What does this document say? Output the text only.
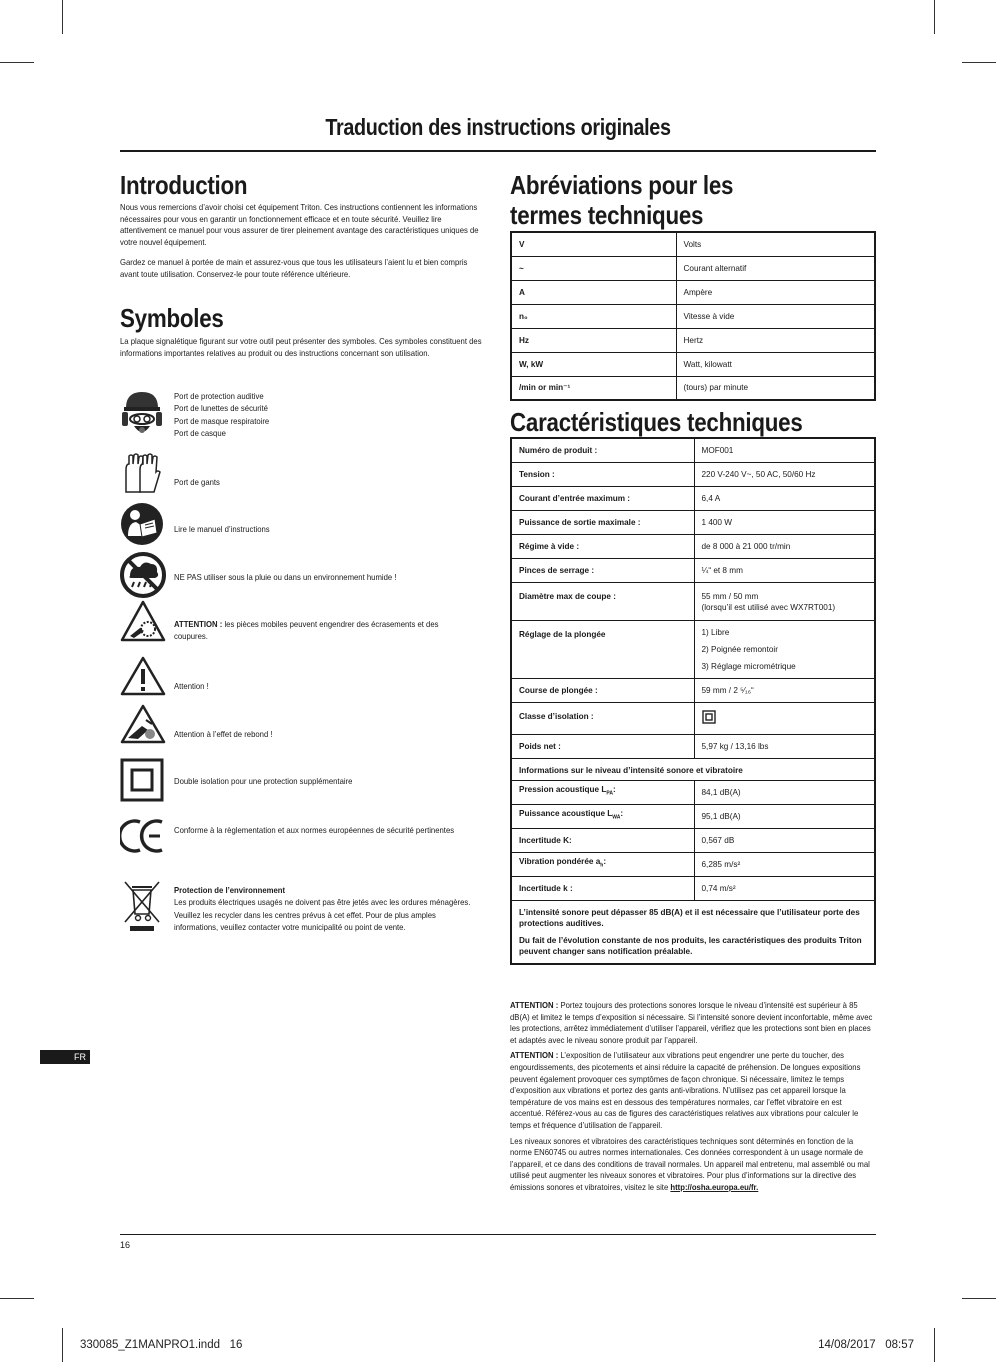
Traduction des instructions originales
Introduction

Nous vous remercions d’avoir choisi cet équipement Triton. Ces instructions contiennent les informations nécessaires pour vous en garantir un fonctionnement efficace et en toute sécurité. Veuillez lire attentivement ce manuel pour vous assurer de tirer pleinement avantage des caractéristiques uniques de votre nouvel équipement.

Gardez ce manuel à portée de main et assurez-vous que tous les utilisateurs l’aient lu et bien compris avant toute utilisation. Conservez-le pour toute référence ultérieure.

Symboles

La plaque signalétique figurant sur votre outil peut présenter des symboles. Ces symboles constituent des informations importantes relatives au produit ou des instructions concernant son utilisation.

Port de protection auditive
Port de lunettes de sécurité
Port de masque respiratoire
Port de casque
Port de gants
Lire le manuel d’instructions
NE PAS utiliser sous la pluie ou dans un environnement humide !
ATTENTION : les pièces mobiles peuvent engendrer des écrasements et des coupures.
Attention !
Attention à l’effet de rebond !
Double isolation pour une protection supplémentaire
Conforme à la règlementation et aux normes européennes de sécurité pertinentes
Protection de l’environnement
Les produits électriques usagés ne doivent pas être jetés avec les ordures ménagères. Veuillez les recycler dans les centres prévus à cet effet. Pour de plus amples informations, veuillez contacter votre municipalité ou point de vente.
Abréviations pour les
termes techniques
V	Volts
~	Courant alternatif
A	Ampère
n₀	Vitesse à vide
Hz	Hertz
W, kW	Watt, kilowatt
/min or min⁻¹	(tours) par minute
Caractéristiques techniques
Numéro de produit :	MOF001
Tension :	220 V-240 V~, 50 AC, 50/60 Hz
Courant d’entrée maximum :	6,4 A
Puissance de sortie maximale :	1 400 W
Régime à vide :	de 8 000 à 21 000 tr/min
Pinces de serrage :	¼“ et 8 mm
Diamètre max de coupe :	55 mm / 50 mm
(lorsqu’il est utilisé avec WX7RT001)

Réglage de la plongée	1) Libre
2) Poignée remontoir
3) Réglage micrométrique

Course de plongée :	59 mm / 2 ⁵⁄₁₆“
Classe d’isolation :	
Poids net :	5,97 kg / 13,16 lbs
Informations sur le niveau d’intensité sonore et vibratoire	
Pression acoustique $L_{PA}$:	84,1 dB(A)
Puissance acoustique $L_{WA}$:	95,1 dB(A)
Incertitude K:	0,567 dB
Vibration pondérée $a_h$:	6,285 m/s²
Incertitude k :	0,74 m/s²

L’intensité sonore peut dépasser 85 dB(A) et il est nécessaire que l’utilisateur porte des protections auditives.

Du fait de l’évolution constante de nos produits, les caractéristiques des produits Triton peuvent changer sans notification préalable.	

ATTENTION : Portez toujours des protections sonores lorsque le niveau d’intensité est supérieur à 85 dB(A) et limitez le temps d’exposition si nécessaire. Si l’intensité sonore devient inconfortable, même avec les protections, arrêtez immédiatement d’utiliser l’appareil, vérifiez que les protections sont bien en places et adaptés avec le niveau sonore produit par l’appareil.

ATTENTION : L’exposition de l’utilisateur aux vibrations peut engendrer une perte du toucher, des engourdissements, des picotements et ainsi réduire la capacité de préhension. De longues expositions peuvent également provoquer ces symptômes de façon chronique. Si nécessaire, limitez le temps d’exposition aux vibrations et portez des gants anti-vibrations. N’utilisez pas cet appareil lorsque la température de vos mains est en dessous des températures normales, car l’effet vibratoire en est accentué. Référez-vous au cas de figures des caractéristiques relatives aux vibrations pour calculer le temps et fréquence d’utilisation de l’appareil.

Les niveaux sonores et vibratoires des caractéristiques techniques sont déterminés en fonction de la norme EN60745 ou autres normes internationales. Ces données correspondent à un usage normale de l’appareil, et ce dans des conditions de travail normales. Un appareil mal entretenu, mal assemblé ou mal utilisé peut augmenter les niveaux sonores et vibratoires. Pour plus d’informations sur la directive des émissions sonores et vibratoires, visitez le site http://osha.europa.eu/fr.

FR
16
330085_Z1MANPRO1.indd   16	14/08/2017   08:57
